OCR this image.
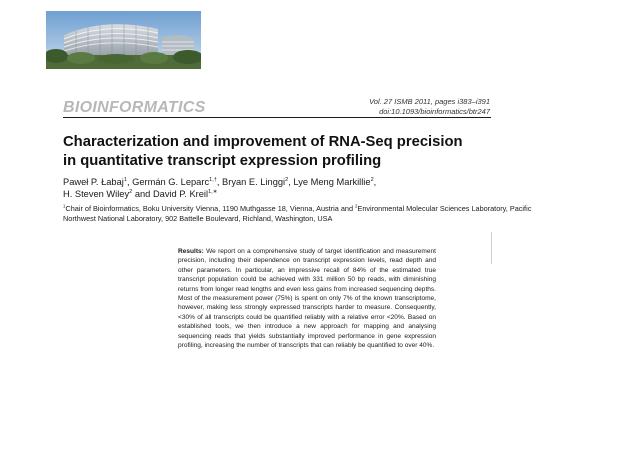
BIOINFORMATICS	Vol. 27 ISMB 2011, pages i383–i391
doi:10.1093/bioinformatics/btr247
Characterization and improvement of RNA-Seq precision
in quantitative transcript expression profiling
Paweł P. Łabaj$^1$, Germán G. Leparc$^{1,\dagger}$, Bryan E. Linggi$^2$, Lye Meng Markillie$^2$,
H. Steven Wiley$^2$ and David P. Kreil$^{1,∗}$
$^1$Chair of Bioinformatics, Boku University Vienna, 1190 Muthgasse 18, Vienna, Austria and $^2$Environmental Molecular Sciences Laboratory, Pacific Northwest National Laboratory, 902 Battelle Boulevard, Richland, Washington, USA
Results: We report on a comprehensive study of target identification and measurement precision, including their dependence on transcript expression levels, read depth and other parameters. In particular, an impressive recall of 84% of the estimated true transcript population could be achieved with 331 million 50 bp reads, with diminishing returns from longer read lengths and even less gains from increased sequencing depths. Most of the measurement power (75%) is spent on only 7% of the known transcriptome, however, making less strongly expressed transcripts harder to measure. Consequently, <30% of all transcripts could be quantified reliably with a relative error <20%. Based on established tools, we then introduce a new approach for mapping and analysing sequencing reads that yields substantially improved performance in gene expression profiling, increasing the number of transcripts that can reliably be quantified to over 40%.
